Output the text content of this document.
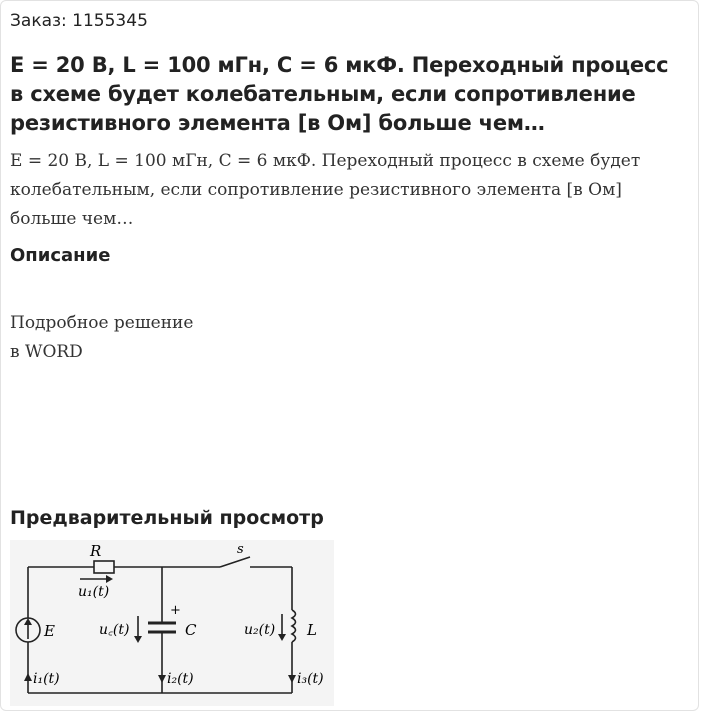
Заказ: 1155345
E = 20 В, L = 100 мГн, C = 6 мкФ. Переходный процесс в схеме будет колебательным, если сопротивление резистивного элемента [в Ом] больше чем…
E = 20 В, L = 100 мГн, C = 6 мкФ. Переходный процесс в схеме будет колебательным, если сопротивление резистивного элемента [в Ом] больше чем…
Описание
Подробное решение
в WORD
Предварительный просмотр
R	s
u₁(t)
E	u꜀(t)
+
C	u₂(t) L
i₁(t)	i₂(t)	i₃(t)
